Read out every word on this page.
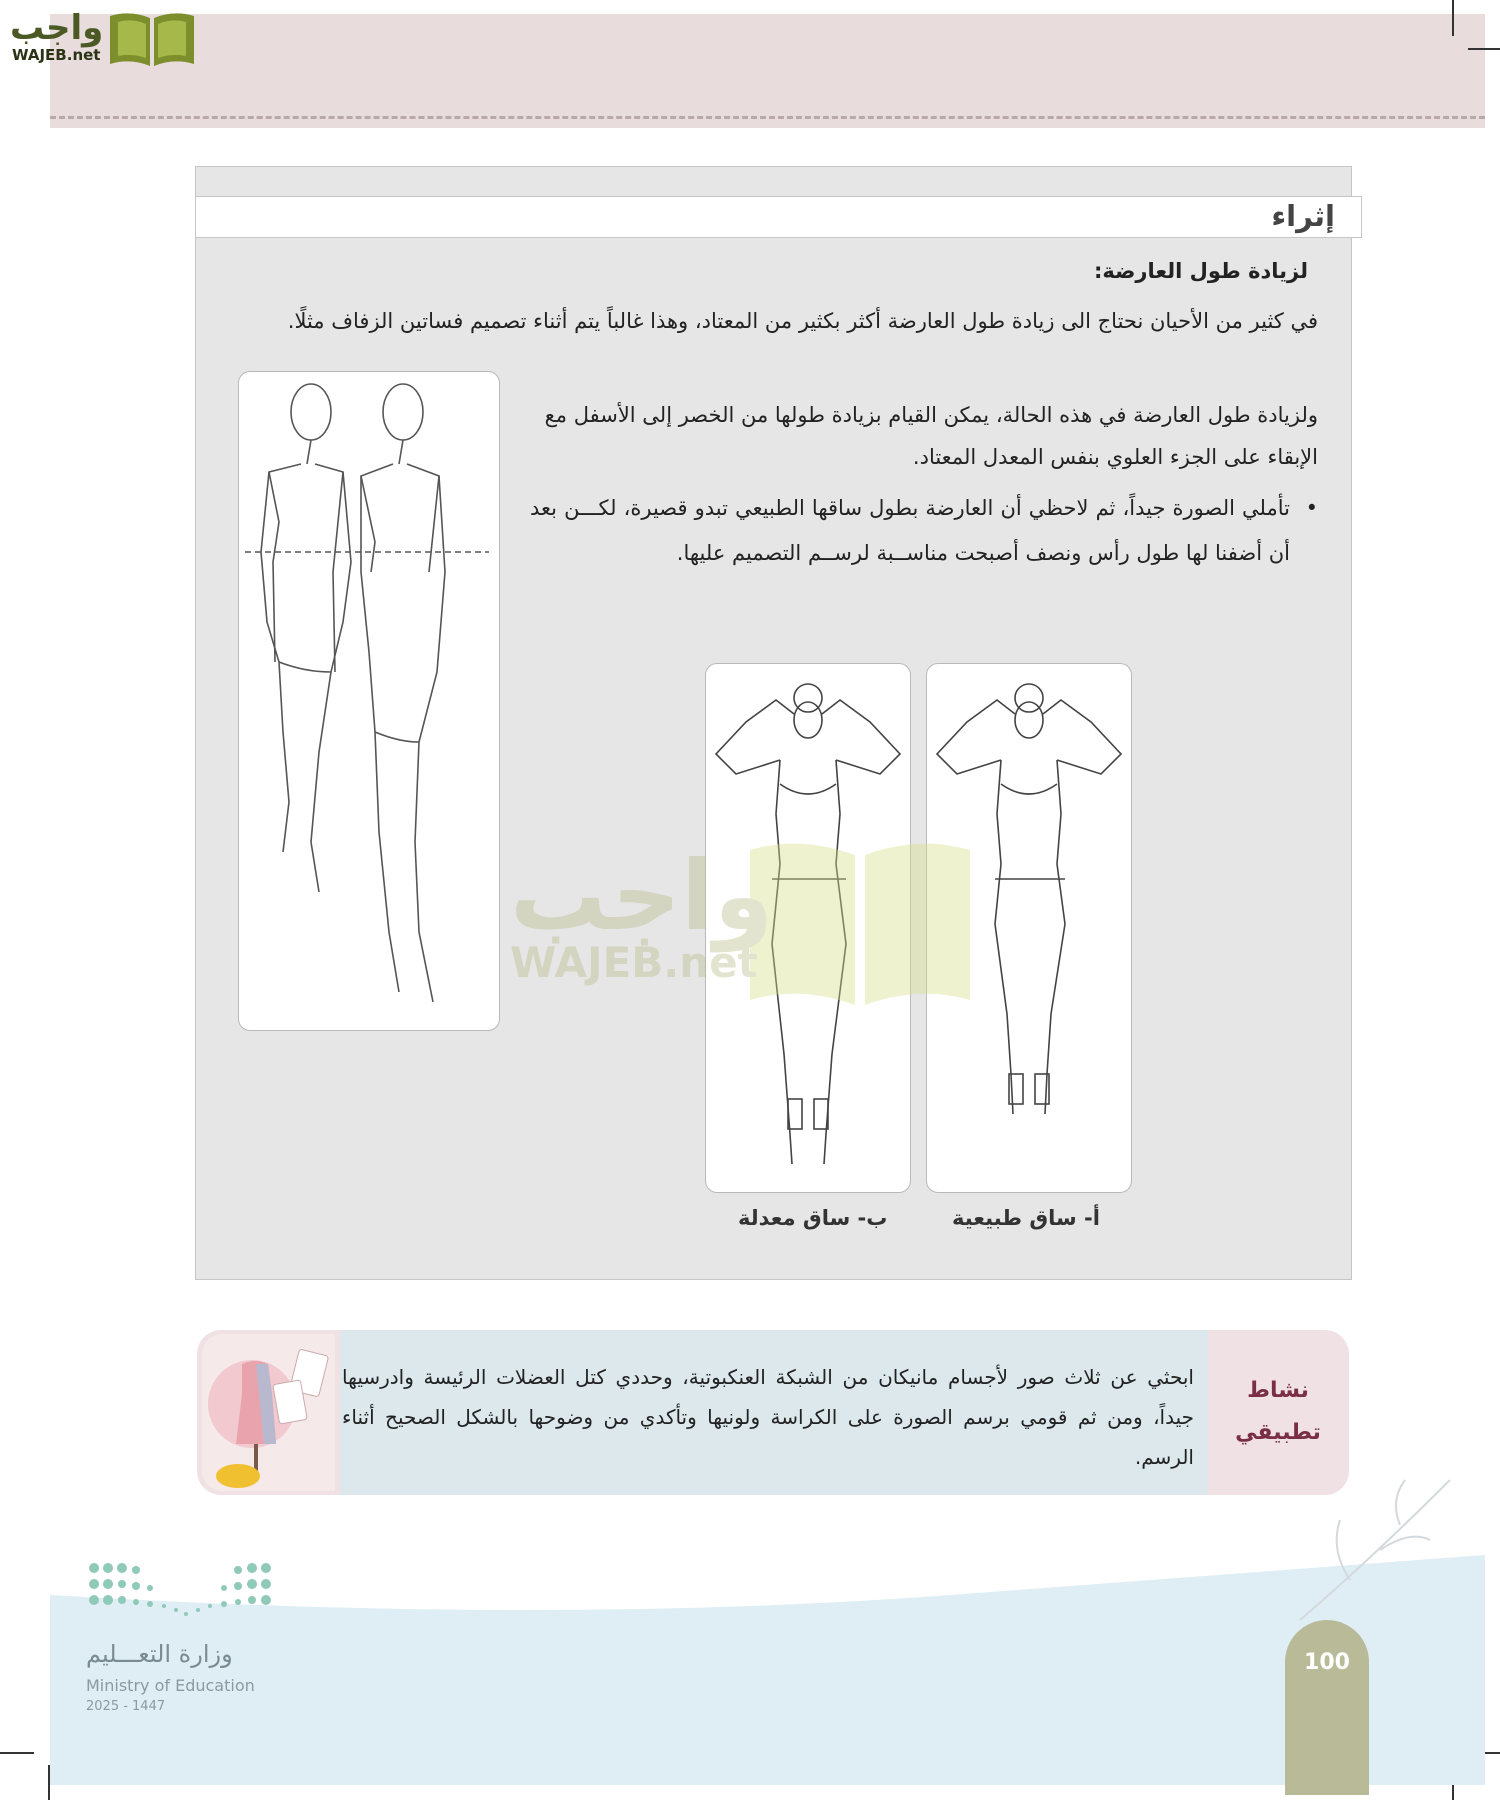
واجب
WAJEB.net
إثراء
لزيادة طول العارضة:
في كثير من الأحيان نحتاج الى زيادة طول العارضة أكثر بكثير من المعتاد، وهذا غالباً يتم أثناء تصميم فساتين الزفاف مثلًا.
ولزيادة طول العارضة في هذه الحالة، يمكن القيام بزيادة طولها من الخصر إلى الأسفل مع الإبقاء على الجزء العلوي بنفس المعدل المعتاد.
•
تأملي الصورة جيداً، ثم لاحظي أن العارضة بطول ساقها الطبيعي تبدو قصيرة، لكـــن بعد أن أضفنا لها طول رأس ونصف أصبحت مناســبة لرســم التصميم عليها.
أ- ساق طبيعية
ب- ساق معدلة
واجب
WAJEB.net
ابحثي عن ثلاث صور لأجسام مانيكان من الشبكة العنكبوتية، وحددي كتل العضلات الرئيسة وادرسيها جيداً، ومن ثم قومي برسم الصورة على الكراسة ولونيها وتأكدي من وضوحها بالشكل الصحيح أثناء الرسم.
نشاط
تطبيقي
وزارة التعـــليم
Ministry of Education
2025 - 1447
100
